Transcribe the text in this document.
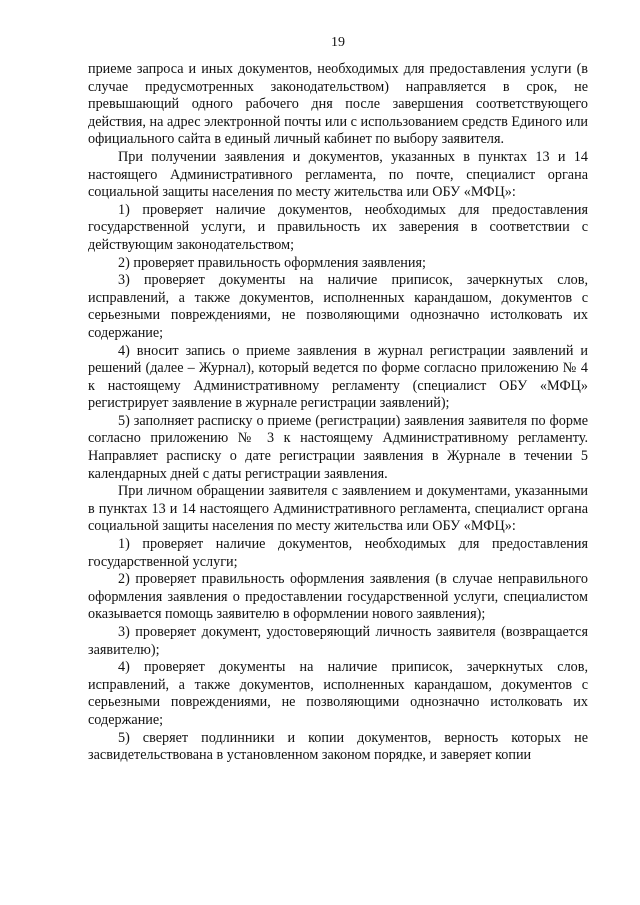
19

приеме запроса и иных документов, необходимых для предоставления услуги (в случае предусмотренных законодательством) направляется в срок, не превышающий одного рабочего дня после завершения соответствующего действия, на адрес электронной почты или с использованием средств Единого или официального сайта в единый личный кабинет по выбору заявителя.

При получении заявления и документов, указанных в пунктах 13 и 14 настоящего Административного регламента, по почте, специалист органа социальной защиты населения по месту жительства или ОБУ «МФЦ»:

1) проверяет наличие документов, необходимых для предоставления государственной услуги, и правильность их заверения в соответствии с действующим законодательством;

2) проверяет правильность оформления заявления;

3) проверяет документы на наличие приписок, зачеркнутых слов, исправлений, а также документов, исполненных карандашом, документов с серьезными повреждениями, не позволяющими однозначно истолковать их содержание;

4) вносит запись о приеме заявления в журнал регистрации заявлений и решений (далее – Журнал), который ведется по форме согласно приложению № 4 к настоящему Административному регламенту (специалист ОБУ «МФЦ» регистрирует заявление в журнале регистрации заявлений);

5) заполняет расписку о приеме (регистрации) заявления заявителя по форме согласно приложению № 3 к настоящему Административному регламенту. Направляет расписку о дате регистрации заявления в Журнале в течении 5 календарных дней с даты регистрации заявления.

При личном обращении заявителя с заявлением и документами, указанными в пунктах 13 и 14 настоящего Административного регламента, специалист органа социальной защиты населения по месту жительства или ОБУ «МФЦ»:

1) проверяет наличие документов, необходимых для предоставления государственной услуги;

2) проверяет правильность оформления заявления (в случае неправильного оформления заявления о предоставлении государственной услуги, специалистом оказывается помощь заявителю в оформлении нового заявления);

3) проверяет документ, удостоверяющий личность заявителя (возвращается заявителю);

4) проверяет документы на наличие приписок, зачеркнутых слов, исправлений, а также документов, исполненных карандашом, документов с серьезными повреждениями, не позволяющими однозначно истолковать их содержание;

5) сверяет подлинники и копии документов, верность которых не засвидетельствована в установленном законом порядке, и заверяет копии
